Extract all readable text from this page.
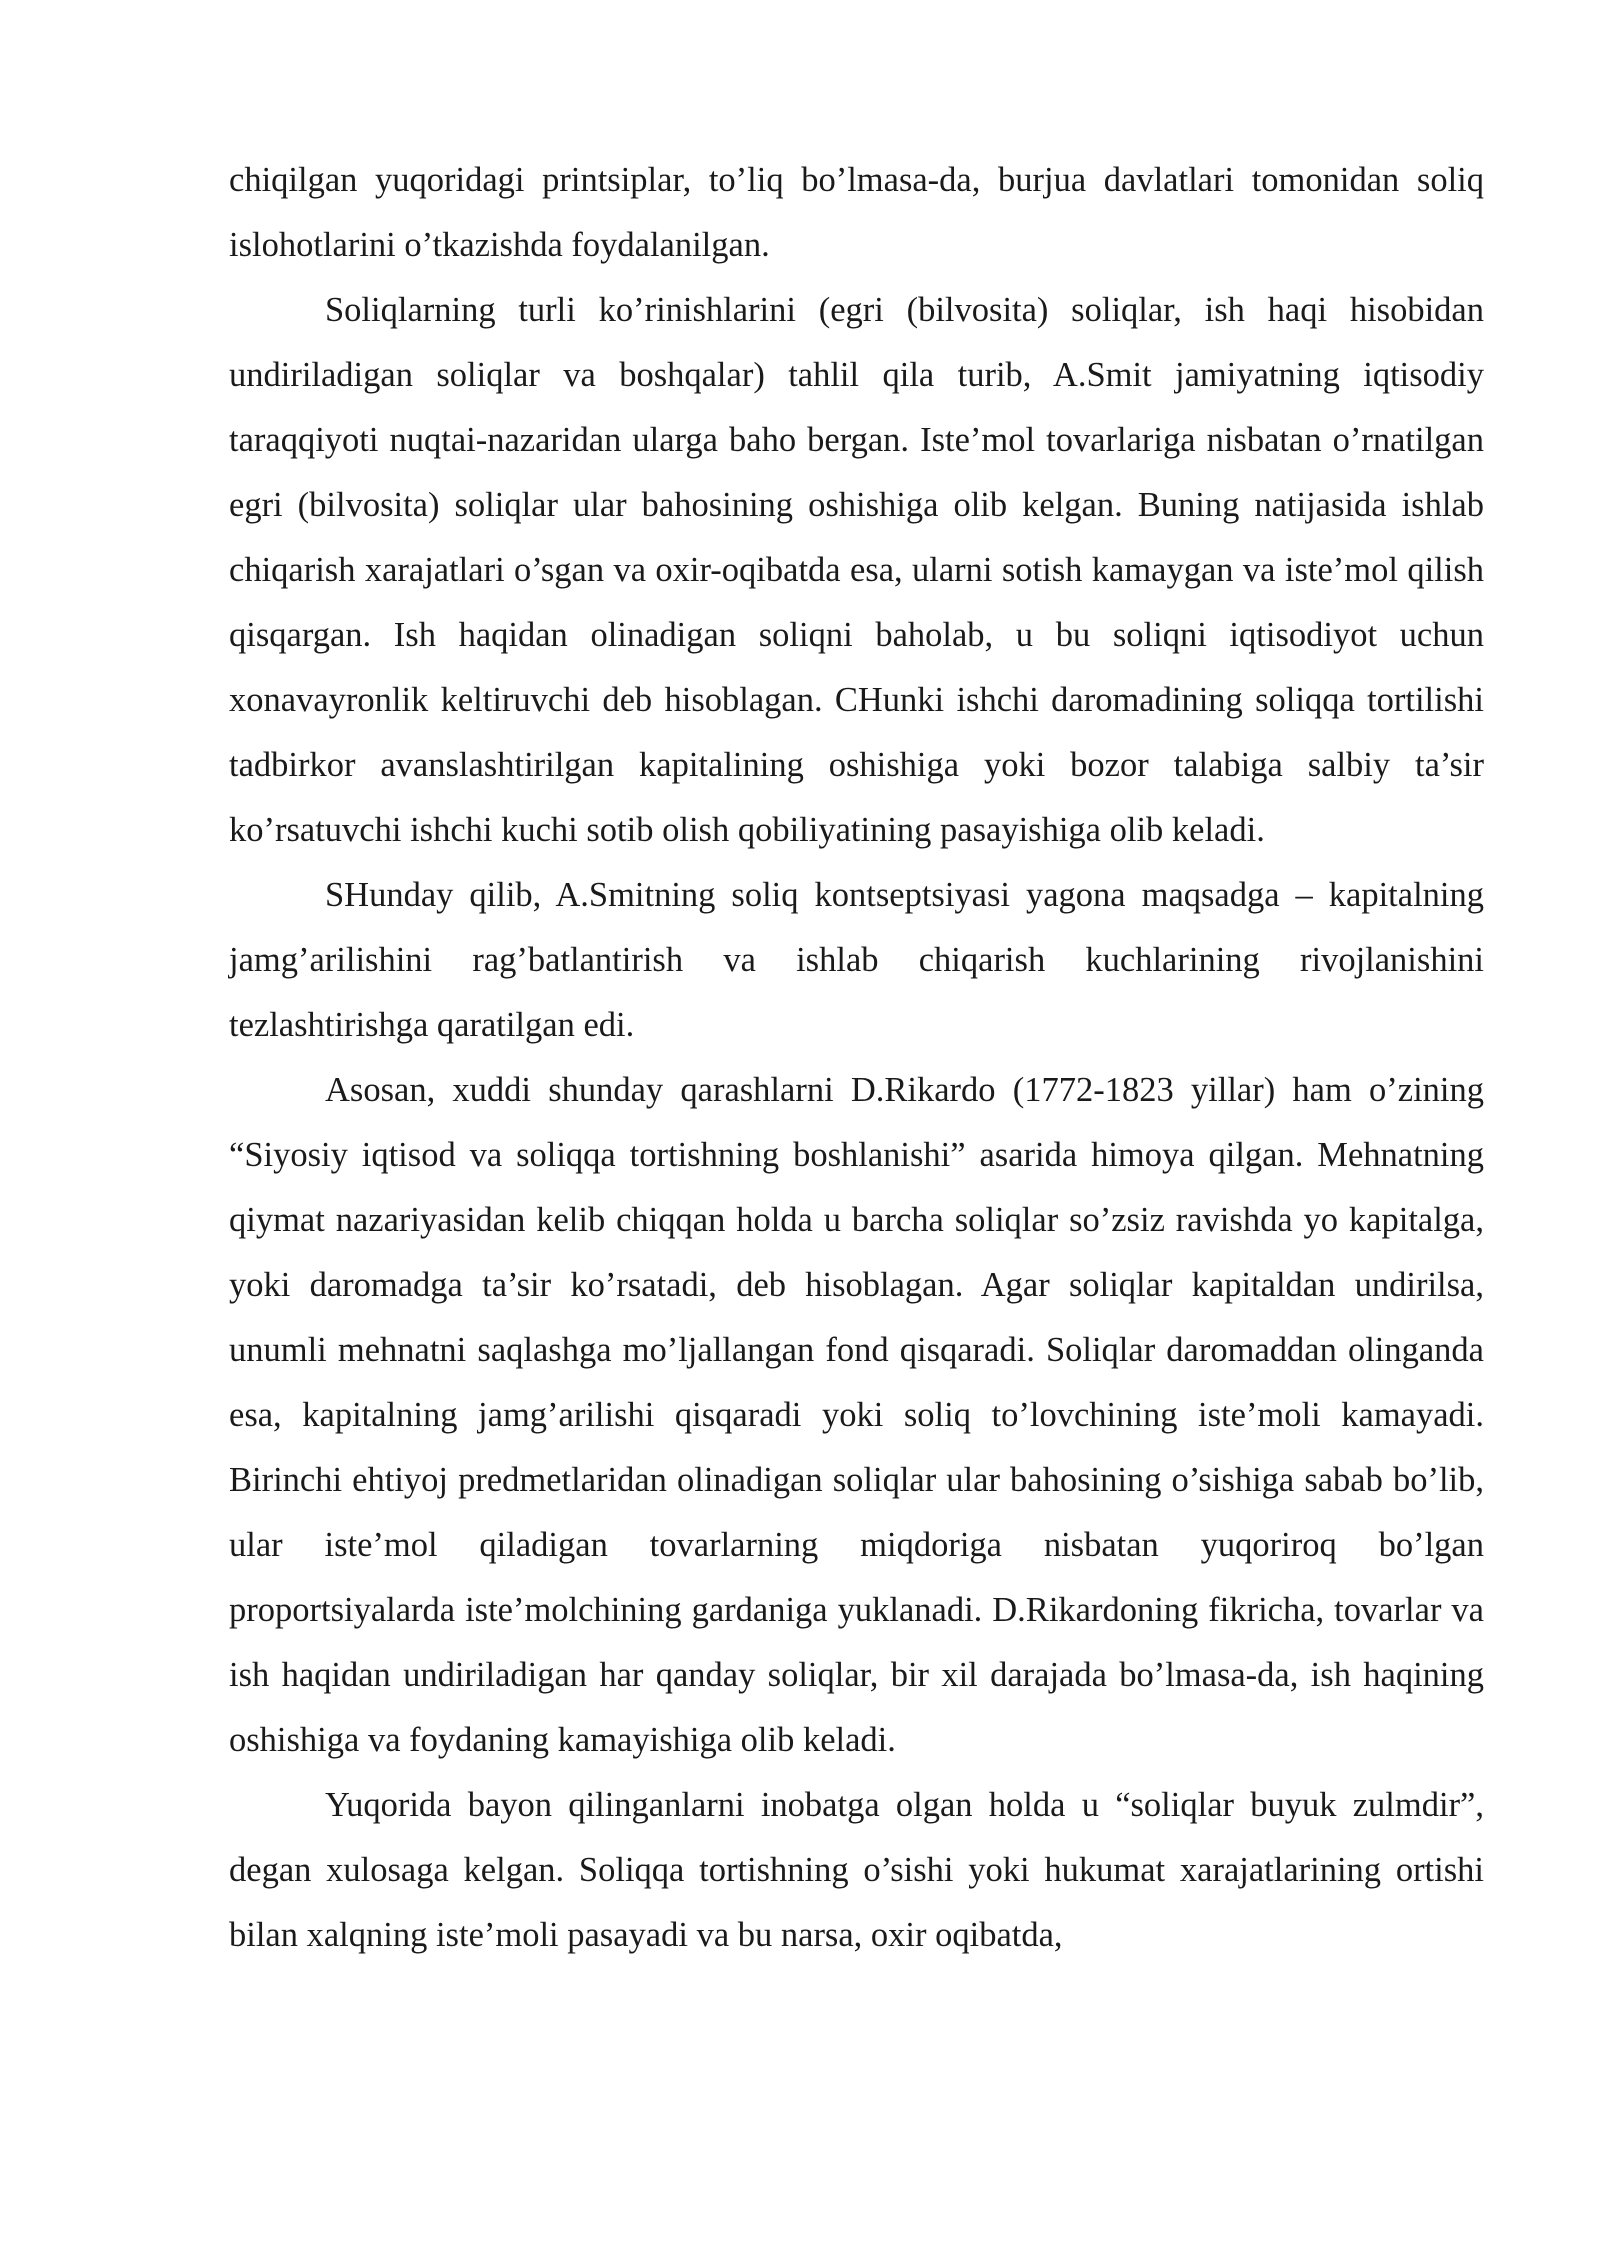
chiqilgan yuqoridagi printsiplar, to’liq bo’lmasa-da, burjua davlatlari tomonidan soliq islohotlarini o’tkazishda foydalanilgan.

Soliqlarning turli ko’rinishlarini (egri (bilvosita) soliqlar, ish haqi hisobidan undiriladigan soliqlar va boshqalar) tahlil qila turib, A.Smit jamiyatning iqtisodiy taraqqiyoti nuqtai-nazaridan ularga baho bergan. Iste’mol tovarlariga nisbatan o’rnatilgan egri (bilvosita) soliqlar ular bahosining oshishiga olib kelgan. Buning natijasida ishlab chiqarish xarajatlari o’sgan va oxir-oqibatda esa, ularni sotish kamaygan va iste’mol qilish qisqargan. Ish haqidan olinadigan soliqni baholab, u bu soliqni iqtisodiyot uchun xonavayronlik keltiruvchi deb hisoblagan. CHunki ishchi daromadining soliqqa tortilishi tadbirkor avanslashtirilgan kapitalining oshishiga yoki bozor talabiga salbiy ta’sir ko’rsatuvchi ishchi kuchi sotib olish qobiliyatining pasayishiga olib keladi.

SHunday qilib, A.Smitning soliq kontseptsiyasi yagona maqsadga – kapitalning jamg’arilishini rag’batlantirish va ishlab chiqarish kuchlarining rivojlanishini tezlashtirishga qaratilgan edi.

Asosan, xuddi shunday qarashlarni D.Rikardo (1772-1823 yillar) ham o’zining “Siyosiy iqtisod va soliqqa tortishning boshlanishi” asarida himoya qilgan. Mehnatning qiymat nazariyasidan kelib chiqqan holda u barcha soliqlar so’zsiz ravishda yo kapitalga, yoki daromadga ta’sir ko’rsatadi, deb hisoblagan. Agar soliqlar kapitaldan undirilsa, unumli mehnatni saqlashga mo’ljallangan fond qisqaradi. Soliqlar daromaddan olinganda esa, kapitalning jamg’arilishi qisqaradi yoki soliq to’lovchining iste’moli kamayadi. Birinchi ehtiyoj predmetlaridan olinadigan soliqlar ular bahosining o’sishiga sabab bo’lib, ular iste’mol qiladigan tovarlarning miqdoriga nisbatan yuqoriroq bo’lgan proportsiyalarda iste’molchining gardaniga yuklanadi. D.Rikardoning fikricha, tovarlar va ish haqidan undiriladigan har qanday soliqlar, bir xil darajada bo’lmasa-da, ish haqining oshishiga va foydaning kamayishiga olib keladi.

Yuqorida bayon qilinganlarni inobatga olgan holda u “soliqlar buyuk zulmdir”, degan xulosaga kelgan. Soliqqa tortishning o’sishi yoki hukumat xarajatlarining ortishi bilan xalqning iste’moli pasayadi va bu narsa, oxir oqibatda,
